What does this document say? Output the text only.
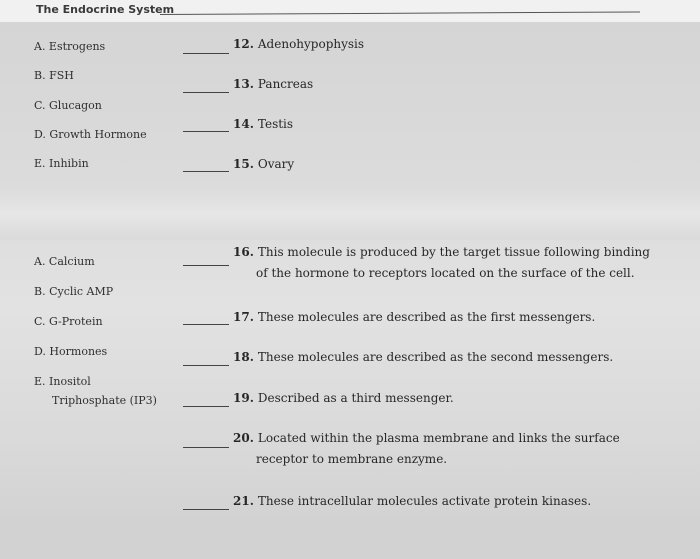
The Endocrine System
A. Estrogens
B. FSH
C. Glucagon
D. Growth Hormone
E. Inhibin
12. Adenohypophysis
13. Pancreas
14. Testis
15. Ovary
A. Calcium
B. Cyclic AMP
C. G-Protein
D. Hormones
E. Inositol
Triphosphate (IP3)
16. This molecule is produced by the target tissue following binding
of the hormone to receptors located on the surface of the cell.
17. These molecules are described as the first messengers.
18. These molecules are described as the second messengers.
19. Described as a third messenger.
20. Located within the plasma membrane and links the surface
receptor to membrane enzyme.
21. These intracellular molecules activate protein kinases.
